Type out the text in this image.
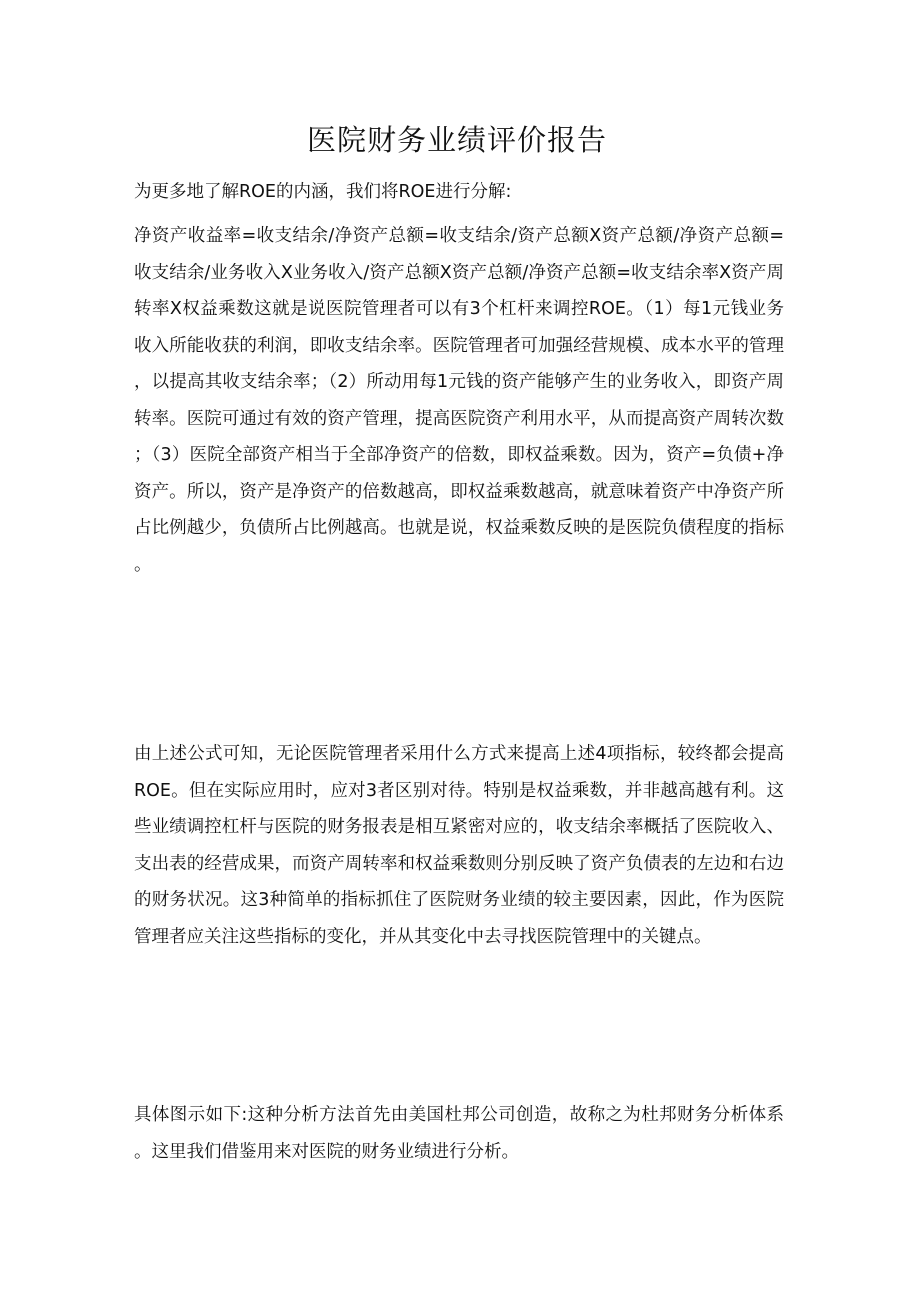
医院财务业绩评价报告
为更多地了解ROE的内涵，我们将ROE进行分解:
净资产收益率=收支结余/净资产总额=收支结余/资产总额X资产总额/净资产总额=收支结余/业务收入X业务收入/资产总额X资产总额/净资产总额=收支结余率X资产周转率X权益乘数这就是说医院管理者可以有3个杠杆来调控ROE。（1）每1元钱业务收入所能收获的利润，即收支结余率。医院管理者可加强经营规模、成本水平的管理，以提高其收支结余率；（2）所动用每1元钱的资产能够产生的业务收入，即资产周转率。医院可通过有效的资产管理，提高医院资产利用水平，从而提高资产周转次数；（3）医院全部资产相当于全部净资产的倍数，即权益乘数。因为，资产=负债+净资产。所以，资产是净资产的倍数越高，即权益乘数越高，就意味着资产中净资产所占比例越少，负债所占比例越高。也就是说，权益乘数反映的是医院负债程度的指标。
由上述公式可知，无论医院管理者采用什么方式来提高上述4项指标，较终都会提高ROE。但在实际应用时，应对3者区别对待。特别是权益乘数，并非越高越有利。这些业绩调控杠杆与医院的财务报表是相互紧密对应的，收支结余率概括了医院收入、支出表的经营成果，而资产周转率和权益乘数则分别反映了资产负债表的左边和右边的财务状况。这3种简单的指标抓住了医院财务业绩的较主要因素，因此，作为医院管理者应关注这些指标的变化，并从其变化中去寻找医院管理中的关键点。
具体图示如下:这种分析方法首先由美国杜邦公司创造，故称之为杜邦财务分析体系。这里我们借鉴用来对医院的财务业绩进行分析。
